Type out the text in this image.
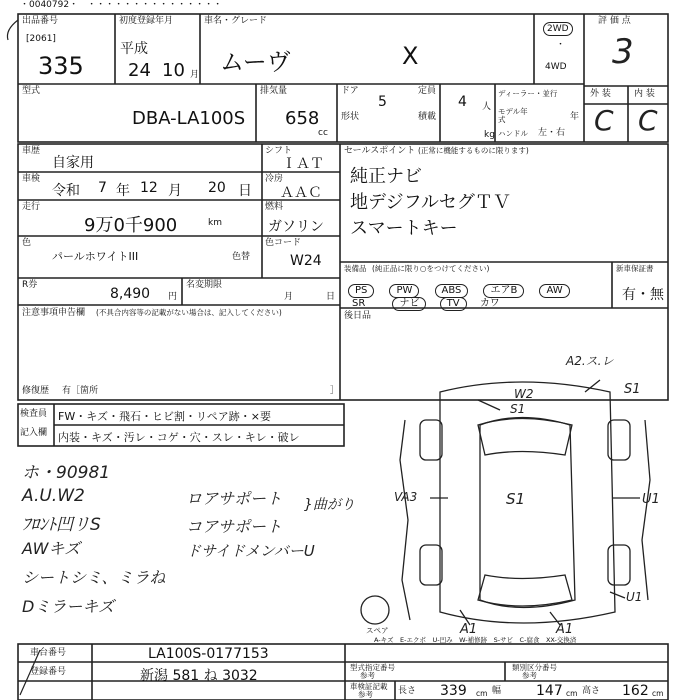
・0040792・　・・・・・・・・・・・・・・・
出品番号
[2061]
335
初度登録年月
平成
24 10 月
車名・グレード
ムーヴ	X
2WD
・
4WD
評 価 点
3
外 装	内 装
C C
型式
DBA-LA100S
排気量
658
cc
ドア
5
形状
定員
4 人
積載
kg
ディーラー・並行
モデル年式	年
ハンドル 左・右
車歴
自家用
シフト
ＩＡＴ
車検
令和 7 年 12 月 20 日
冷房
ＡＡＣ
走行
9万0千900	km
燃料
ガソリン
色
パールホワイトIII	色替
色コード
W24
R券
8,490 円
名変期限
月	日
注意事項申告欄 (不具合内容等の記載がない場合は、記入してください)
修復歴 有［箇所	］
セールスポイント (正常に機能するものに限ります)
純正ナビ
地デジフルセグＴＶ
スマートキー
装備品 (純正品に限り○をつけてください)	新車保証書
有・無
PS	PW	ABS	エアB	AW
SR	ナビ	TV カワ
後日品
検査員
記入欄
FW・キズ・飛石・ヒビ割・リペア跡・×要
内装・キズ・汚レ・コゲ・穴・スレ・キレ・破レ
ホ・90981
A.U.W2
ﾌﾛﾝﾄ凹リS
AWキズ
シートシミ、ミラね
Dミラーキズ
ロアサポート
コアサポート
ドサイドメンバーU
}曲がり
A2.ス.レ
W2
S1
S1
VA3	S1	U1
U1
A1	A1
スペア
A-キズ　E-エクボ　U-凹み　W-補修跡　S-サビ　C-腐食　XX-交換済
車台番号	LA100S-0177153
登録番号	新潟 581 ね 3032
型式指定番号
参考
類別区分番号
参考
車検証記載
参考	長さ 339 cm 幅 147 cm 高さ 162 cm
